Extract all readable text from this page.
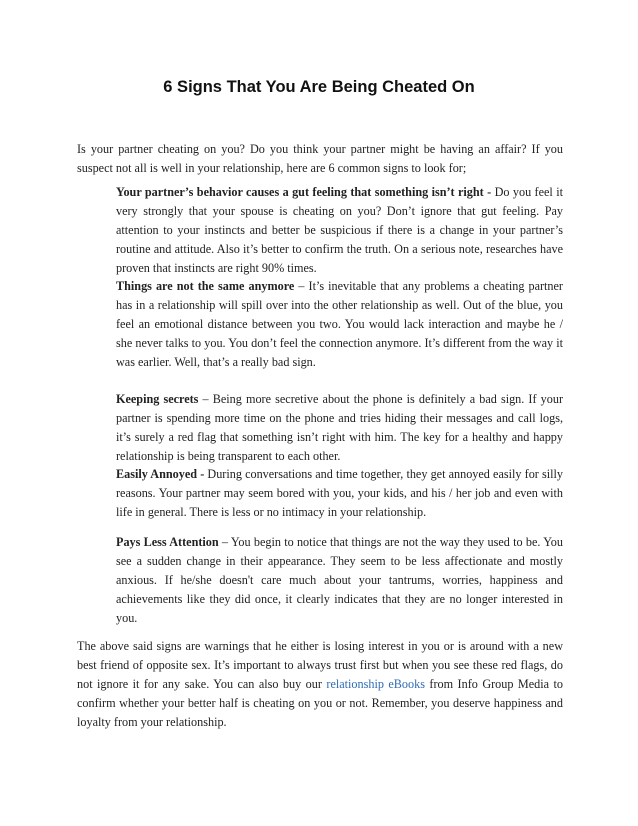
6 Signs That You Are Being Cheated On

Is your partner cheating on you? Do you think your partner might be having an affair? If you suspect not all is well in your relationship, here are 6 common signs to look for;

Your partner’s behavior causes a gut feeling that something isn’t right - Do you feel it very strongly that your spouse is cheating on you? Don’t ignore that gut feeling. Pay attention to your instincts and better be suspicious if there is a change in your partner’s routine and attitude. Also it’s better to confirm the truth. On a serious note, researches have proven that instincts are right 90% times.

Things are not the same anymore – It’s inevitable that any problems a cheating partner has in a relationship will spill over into the other relationship as well. Out of the blue, you feel an emotional distance between you two. You would lack interaction and maybe he / she never talks to you. You don’t feel the connection anymore. It’s different from the way it was earlier. Well, that’s a really bad sign.

Keeping secrets – Being more secretive about the phone is definitely a bad sign. If your partner is spending more time on the phone and tries hiding their messages and call logs, it’s surely a red flag that something isn’t right with him. The key for a healthy and happy relationship is being transparent to each other.

Easily Annoyed - During conversations and time together, they get annoyed easily for silly reasons. Your partner may seem bored with you, your kids, and his / her job and even with life in general. There is less or no intimacy in your relationship.

Pays Less Attention – You begin to notice that things are not the way they used to be. You see a sudden change in their appearance. They seem to be less affectionate and mostly anxious. If he/she doesn't care much about your tantrums, worries, happiness and achievements like they did once, it clearly indicates that they are no longer interested in you.

The above said signs are warnings that he either is losing interest in you or is around with a new best friend of opposite sex. It’s important to always trust first but when you see these red flags, do not ignore it for any sake. You can also buy our relationship eBooks from Info Group Media to confirm whether your better half is cheating on you or not. Remember, you deserve happiness and loyalty from your relationship.
